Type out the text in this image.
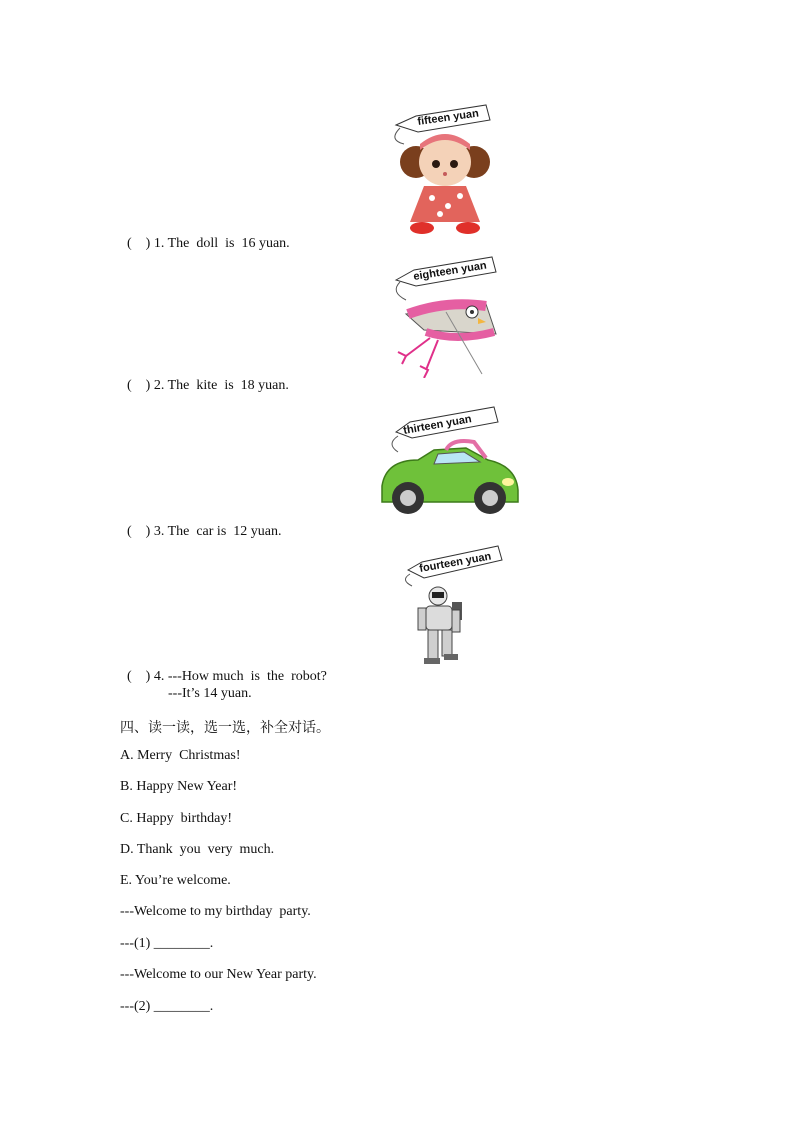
fifteen yuan

(    ) 1. The  doll  is  16 yuan.

eighteen yuan

(    ) 2. The  kite  is  18 yuan.

thirteen yuan

(    ) 3. The  car is  12 yuan.

fourteen yuan

(    ) 4. ---How much  is  the  robot?

---It’s 14 yuan.
四、读一读，选一选，补全对话。
A. Merry  Christmas!
B. Happy New Year!
C. Happy  birthday!
D. Thank  you  very  much.
E. You’re welcome.
---Welcome to my birthday  party.
---(1) ________.
---Welcome to our New Year party.
---(2) ________.
